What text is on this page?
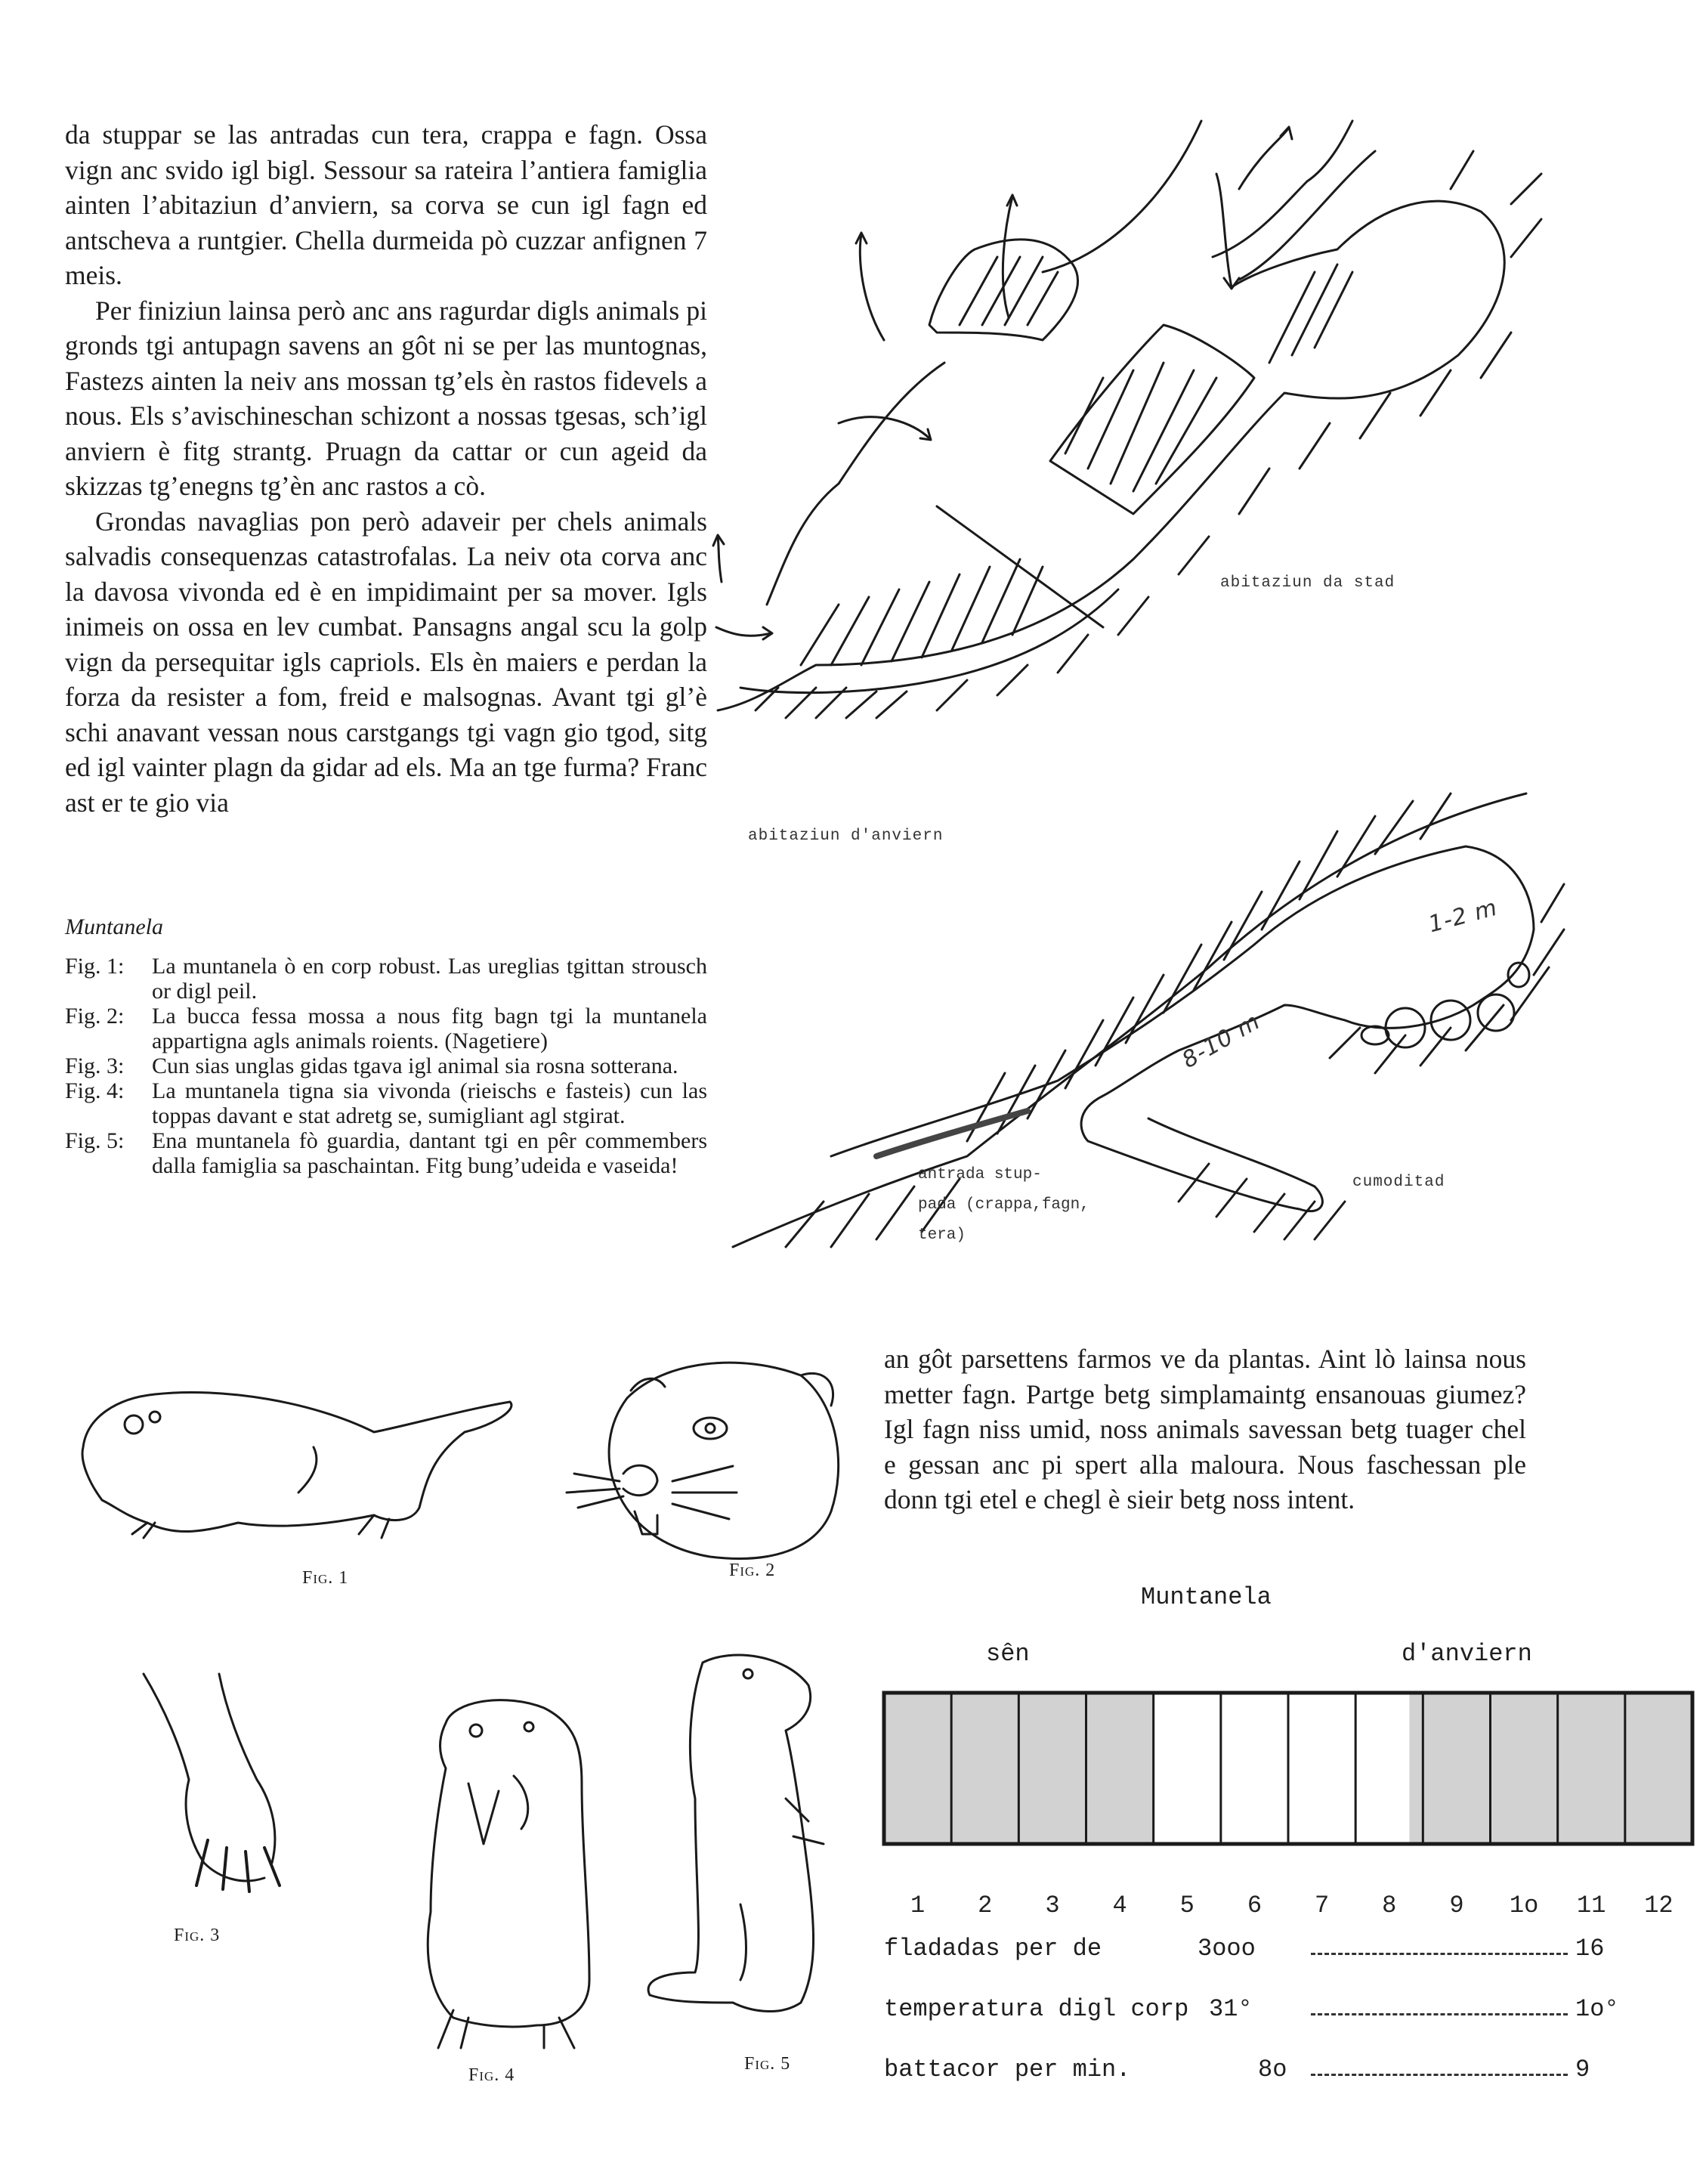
da stuppar se las antradas cun tera, crappa e fagn. Ossa vign anc svido igl bigl. Sessour sa rateira l’antiera famiglia ainten l’abitaziun d’anviern, sa corva se cun igl fagn ed antscheva a runtgier. Chella durmeida pò cuzzar anfignen 7 meis.

Per finiziun lainsa però anc ans ragurdar digls animals pi gronds tgi antupagn savens an gôt ni se per las muntognas, Fastezs ainten la neiv ans mossan tg’els èn rastos fidevels a nous. Els s’avischineschan schizont a nossas tgesas, sch’igl anviern è fitg strantg. Pruagn da cattar or cun ageid da skizzas tg’enegns tg’èn anc rastos a cò.

Grondas navaglias pon però adaveir per chels animals salvadis consequenzas catastrofalas. La neiv ota corva anc la davosa vivonda ed è en impidimaint per sa mover. Igls inimeis on ossa en lev cumbat. Pansagns angal scu la golp vign da persequitar igls capriols. Els èn maiers e perdan la forza da resister a fom, freid e malsognas. Avant tgi gl’è schi anavant vessan nous carstgangs tgi vagn gio tgod, sitg ed igl vainter plagn da gidar ad els. Ma an tge furma? Franc ast er te gio via

Muntanela
Fig. 1:	La muntanela ò en corp robust. Las ureglias tgittan strousch or digl peil.
Fig. 2:	La bucca fessa mossa a nous fitg bagn tgi la muntanela appartigna agls animals roients. (Nagetiere)
Fig. 3:	Cun sias unglas gidas tgava igl animal sia rosna sotterana.
Fig. 4:	La muntanela tigna sia vivonda (rieischs e fasteis) cun las toppas davant e stat adretg se, sumigliant agl stgirat.
Fig. 5:	Ena muntanela fò guardia, dantant tgi en pêr commembers dalla famiglia sa paschaintan. Fitg bung’udeida e vaseida!
abitaziun da stad
abitaziun d'anviern
1-2 m
8-10 m
antrada stup-
pada (crappa,fagn,
tera)
cumoditad
Fig. 1	Fig. 2
Fig. 3
Fig. 4
Fig. 5

an gôt parsettens farmos ve da plantas. Aint lò lainsa nous metter fagn. Partge betg simplamaintg ensanouas giumez? Igl fagn niss umid, noss animals savessan betg tuager chel e gessan anc pi spert alla maloura. Nous faschessan ple donn tgi etel e chegl è sieir betg noss intent.

Muntanela
sên	d'anviern
1 2 3 4 5 6 7 8 9 1o 11 12
fladadas per de	3ooo	16
temperatura digl corp 31°	1o°
battacor per min.	8o	9
